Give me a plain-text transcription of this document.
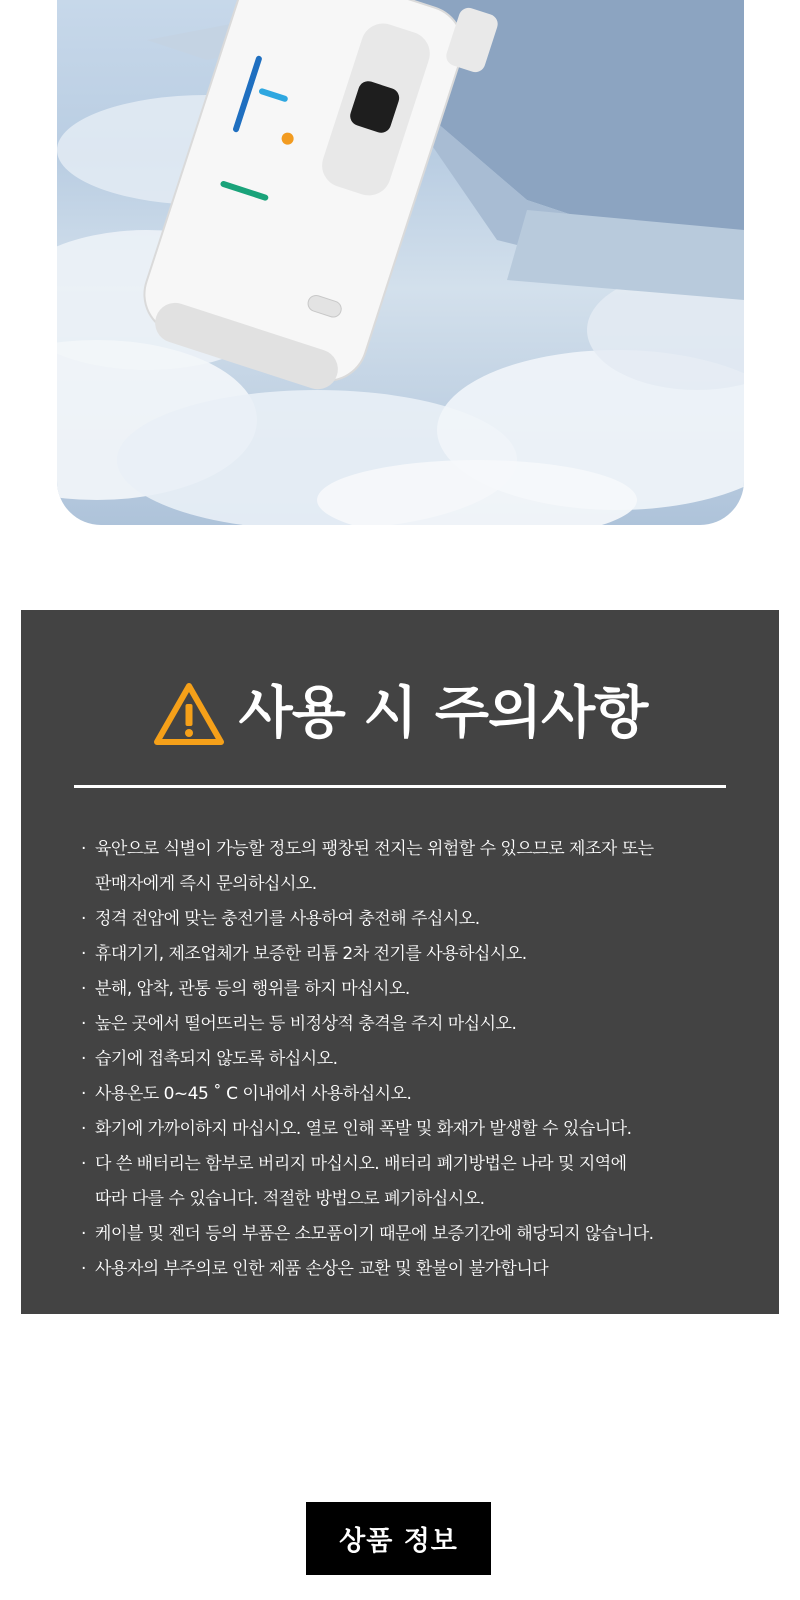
사용 시 주의사항
· 육안으로 식별이 가능할 정도의 팽창된 전지는 위험할 수 있으므로 제조자 또는
판매자에게 즉시 문의하십시오.
· 정격 전압에 맞는 충전기를 사용하여 충전해 주십시오.
· 휴대기기, 제조업체가 보증한 리튬 2차 전기를 사용하십시오.
· 분해, 압착, 관통 등의 행위를 하지 마십시오.
· 높은 곳에서 떨어뜨리는 등 비정상적 충격을 주지 마십시오.
· 습기에 접촉되지 않도록 하십시오.
· 사용온도 0~45 ˚ C 이내에서 사용하십시오.
· 화기에 가까이하지 마십시오. 열로 인해 폭발 및 화재가 발생할 수 있습니다.
· 다 쓴 배터리는 함부로 버리지 마십시오. 배터리 폐기방법은 나라 및 지역에
따라 다를 수 있습니다. 적절한 방법으로 폐기하십시오.
· 케이블 및 젠더 등의 부품은 소모품이기 때문에 보증기간에 해당되지 않습니다.
· 사용자의 부주의로 인한 제품 손상은 교환 및 환불이 불가합니다
상품 정보
